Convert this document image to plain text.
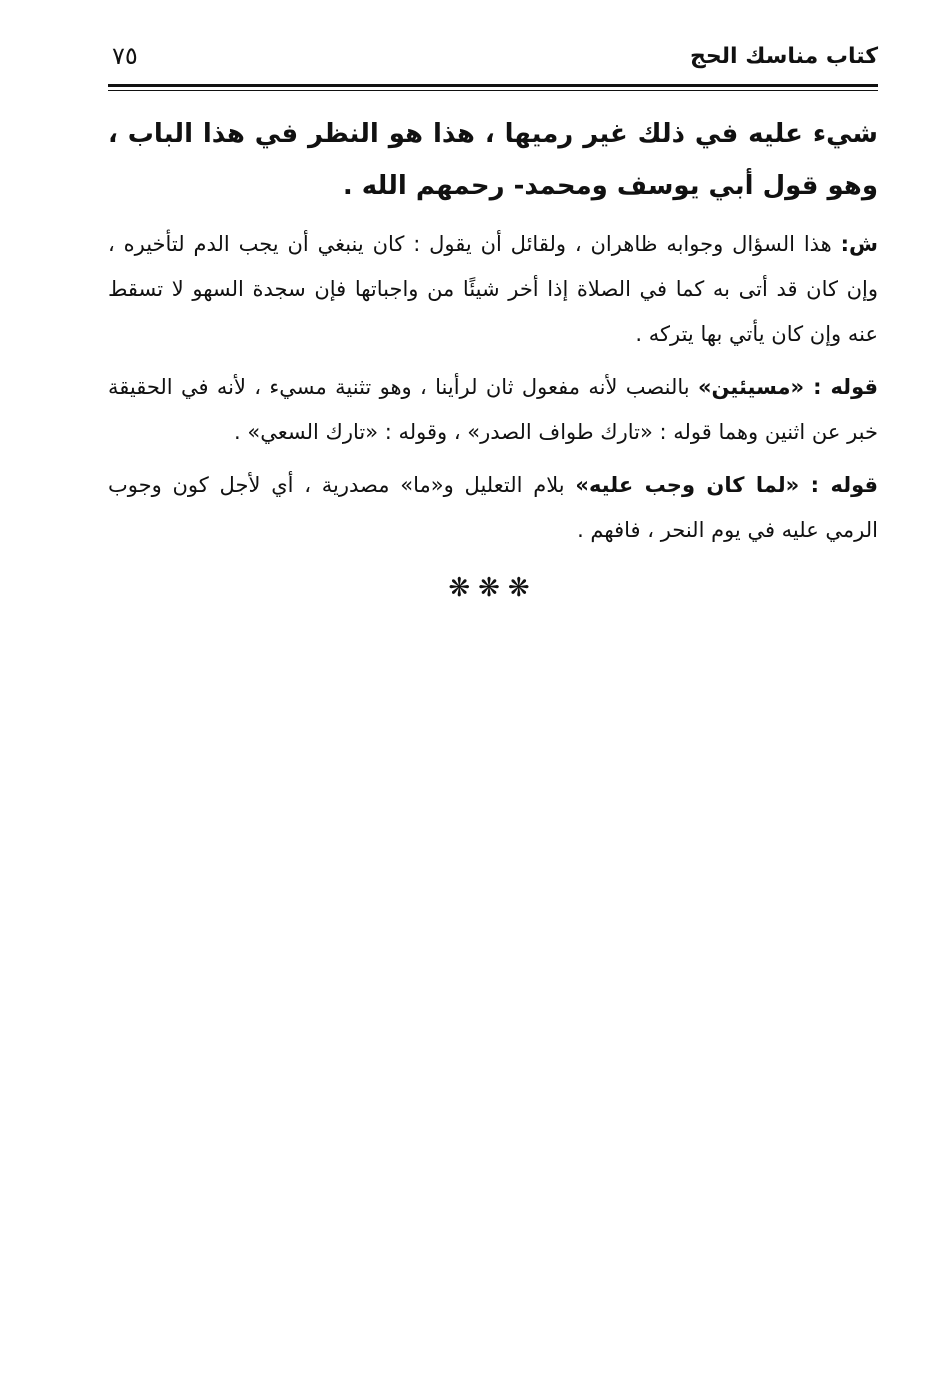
كتاب مناسك الحج
٧٥

شيء عليه في ذلك غير رميها ، هذا هو النظر في هذا الباب ، وهو قول أبي يوسف ومحمد- رحمهم الله .

ش: هذا السؤال وجوابه ظاهران ، ولقائل أن يقول : كان ينبغي أن يجب الدم لتأخيره ، وإن كان قد أتى به كما في الصلاة إذا أخر شيئًا من واجباتها فإن سجدة السهو لا تسقط عنه وإن كان يأتي بها يتركه .

قوله : «مسيئين» بالنصب لأنه مفعول ثان لرأينا ، وهو تثنية مسيء ، لأنه في الحقيقة خبر عن اثنين وهما قوله : «تارك طواف الصدر» ، وقوله : «تارك السعي» .

قوله : «لما كان وجب عليه» بلام التعليل و«ما» مصدرية ، أي لأجل كون وجوب الرمي عليه في يوم النحر ، فافهم .

❋❋❋
